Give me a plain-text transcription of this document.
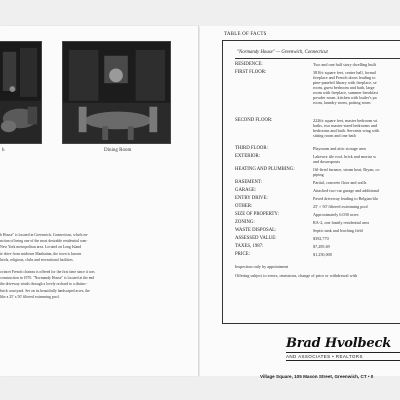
h	Dining Room

h House" is located in Greenwich, Connecticut, which en-
nction of being one of the most desirable residential com-
New York metropolitan area. Located on Long Island
te drive from midtown Manhattan, the town is known
hools, religious, clubs and recreational facilities.

ocincet French chateau is offered for the first time since it was
construction in 1970. "Normandy House" is located at the end
the driveway winds through a lovely orchard to a distinc-
brick courtyard. Set on its beautifully landscaped acres, the
like a 25' x 50' filtered swimming pool.

TABLE OF FACTS
"Normandy House" — Greenwich, Connecticut
RESIDENCE:	Two and one half story dwelling built
FIRST FLOOR:	3816± square feet, center hall, formal
fireplace and French doors leading to
pine-paneled library with fireplace, se
room, guest bedroom and bath, large
room with fireplace, summer breakfast
powder room, kitchen with butler's pa
room, laundry room, potting room
SECOND FLOOR:	2226± square feet, master bedroom wi
baths, two master-sized bedrooms and
bedrooms and bath. Servants wing with
sitting room and one bath
THIRD FLOOR:	Playroom and attic storage area
EXTERIOR:	Lakewrz tile roof, brick and mortar w
and downspouts
HEATING AND PLUMBING:	Oil-fired furnace, steam heat, Bryan, co
piping
BASEMENT:	Partial, concrete floor and walls
GARAGE:	Attached two-car garage and additional
ENTRY DRIVE:	Paved driveway leading to Belgian blo
OTHER:	25' × 50' filtered swimming pool
SIZE OF PROPERTY:	Approximately 6.030 acres
ZONING:	RA-2, one family residential area
WASTE DISPOSAL:	Septic tank and leaching field
ASSESSED VALUE:	$392,770
TAXES, 1987:	$7,285.69
PRICE:	$1,250,000
Inspection only by appointment
Offering subject to errors, omissions, change of price or withdrawal with
Brad Hvolbeck
AND ASSOCIATES • REALTORS
Village Square, 105 Mason Street, Greenwich, CT • 0
